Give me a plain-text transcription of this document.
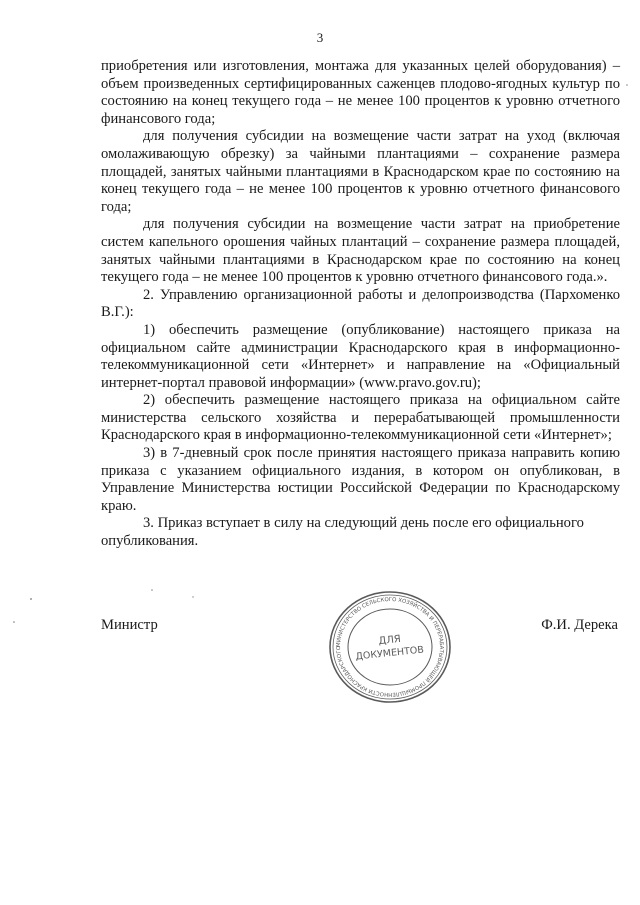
3

приобретения или изготовления, монтажа для указанных целей оборудования) – объем произведенных сертифицированных саженцев плодово-ягодных культур по состоянию на конец текущего года – не менее 100 процентов к уровню отчетного финансового года;

для получения субсидии на возмещение части затрат на уход (включая омолаживающую обрезку) за чайными плантациями – сохранение размера площадей, занятых чайными плантациями в Краснодарском крае по состоянию на конец текущего года – не менее 100 процентов к уровню отчетного финансового года;

для получения субсидии на возмещение части затрат на приобретение систем капельного орошения чайных плантаций – сохранение размера площадей, занятых чайными плантациями в Краснодарском крае по состоянию на конец текущего года – не менее 100 процентов к уровню отчетного финансового года.».

2. Управлению организационной работы и делопроизводства (Пархоменко В.Г.):

1) обеспечить размещение (опубликование) настоящего приказа на официальном сайте администрации Краснодарского края в информационно-телекоммуникационной сети «Интернет» и направление на «Официальный интернет-портал правовой информации» (www.pravo.gov.ru);

2) обеспечить размещение настоящего приказа на официальном сайте министерства сельского хозяйства и перерабатывающей промышленности Краснодарского края в информационно-телекоммуникационной сети «Интернет»;

3) в 7-дневный срок после принятия настоящего приказа направить копию приказа с указанием официального издания, в котором он опубликован, в Управление Министерства юстиции Российской Федерации по Краснодарскому краю.

3. Приказ вступает в силу на следующий день после его официального опубликования.

Министр	Ф.И. Дерека
МИНИСТЕРСТВО СЕЛЬСКОГО ХОЗЯЙСТВА И ПЕРЕРАБАТЫВАЮЩЕЙ ПРОМЫШЛЕННОСТИ КРАСНОДАРСКОГО
ДЛЯ
ДОКУМЕНТОВ
